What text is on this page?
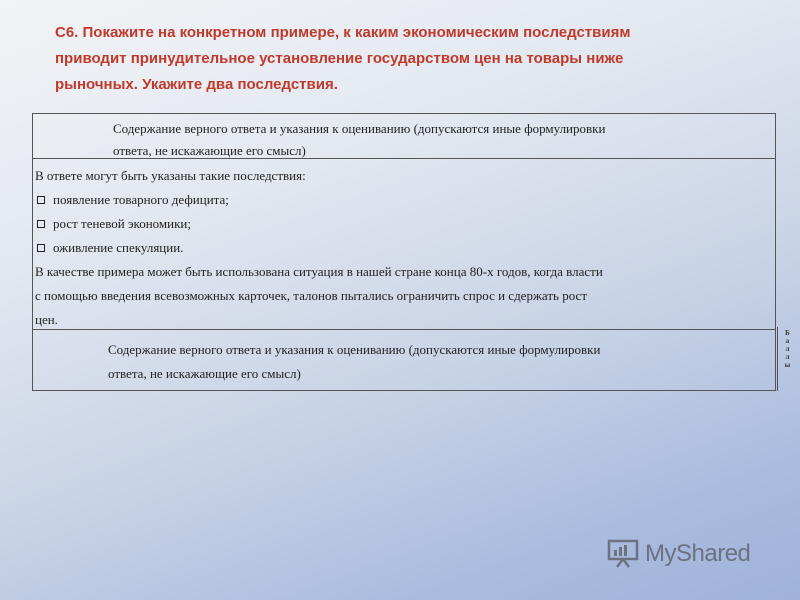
С6. Покажите на конкретном примере, к каким экономическим последствиям
приводит принудительное установление государством цен на товары ниже
рыночных. Укажите два последствия.
Содержание верного ответа и указания к оцениванию (допускаются иные формулировки
ответа, не искажающие его смысл)
В ответе могут быть указаны такие последствия:
появление товарного дефицита;
рост теневой экономики;
оживление спекуляции.
В качестве примера может быть использована ситуация в нашей стране конца 80-х годов, когда власти
с помощью введения всевозможных карточек, талонов пытались ограничить спрос и сдержать рост
цен.
Содержание верного ответа и указания к оцениванию (допускаются иные формулировки
ответа, не искажающие его смысл)
Б
а
л
л
ы
MyShared
